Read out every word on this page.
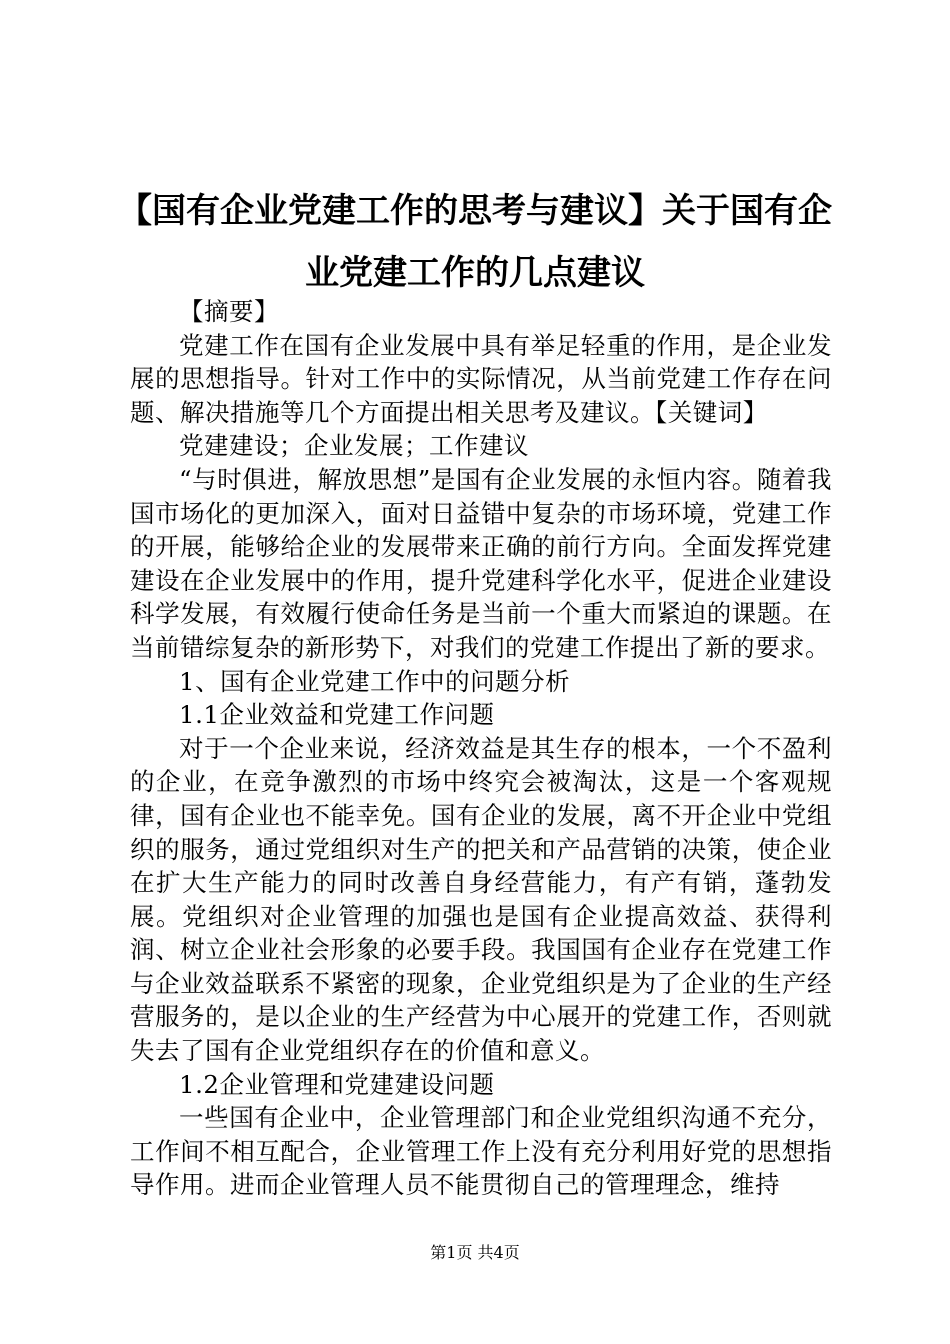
【国有企业党建工作的思考与建议】关于国有企业党建工作的几点建议

【摘要】

党建工作在国有企业发展中具有举足轻重的作用，是企业发展的思想指导。针对工作中的实际情况，从当前党建工作存在问题、解决措施等几个方面提出相关思考及建议。【关键词】

党建建设；企业发展；工作建议

“与时俱进，解放思想”是国有企业发展的永恒内容。随着我国市场化的更加深入，面对日益错中复杂的市场环境，党建工作的开展，能够给企业的发展带来正确的前行方向。全面发挥党建建设在企业发展中的作用，提升党建科学化水平，促进企业建设科学发展，有效履行使命任务是当前一个重大而紧迫的课题。在当前错综复杂的新形势下，对我们的党建工作提出了新的要求。

1、国有企业党建工作中的问题分析

1.1企业效益和党建工作问题

对于一个企业来说，经济效益是其生存的根本，一个不盈利的企业，在竞争激烈的市场中终究会被淘汰，这是一个客观规律，国有企业也不能幸免。国有企业的发展，离不开企业中党组织的服务，通过党组织对生产的把关和产品营销的决策，使企业在扩大生产能力的同时改善自身经营能力，有产有销，蓬勃发展。党组织对企业管理的加强也是国有企业提高效益、获得利润、树立企业社会形象的必要手段。我国国有企业存在党建工作与企业效益联系不紧密的现象，企业党组织是为了企业的生产经营服务的，是以企业的生产经营为中心展开的党建工作，否则就失去了国有企业党组织存在的价值和意义。

1.2企业管理和党建建设问题

一些国有企业中，企业管理部门和企业党组织沟通不充分，工作间不相互配合，企业管理工作上没有充分利用好党的思想指导作用。进而企业管理人员不能贯彻自己的管理理念，维持

第1页 共4页
